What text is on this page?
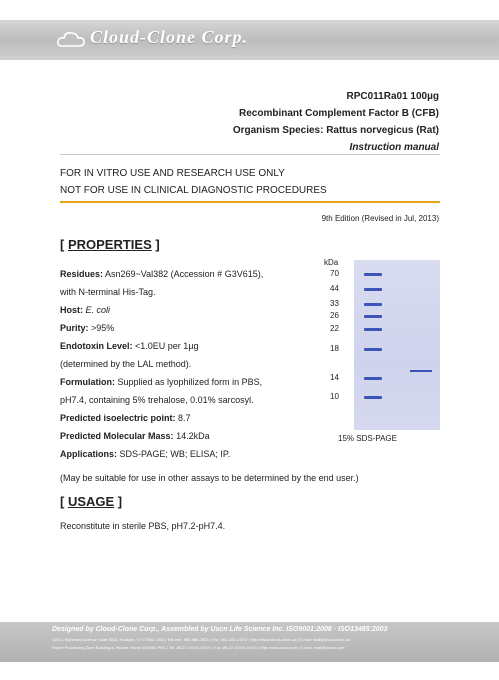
Cloud-Clone Corp.
RPC011Ra01 100µg
Recombinant Complement Factor B (CFB)
Organism Species: Rattus norvegicus (Rat)
Instruction manual
FOR IN VITRO USE AND RESEARCH USE ONLY
NOT FOR USE IN CLINICAL DIAGNOSTIC PROCEDURES
9th Edition (Revised in Jul, 2013)
[ PROPERTIES ]
Residues: Asn269~Val382 (Accession # G3V615),
with N-terminal His-Tag.
Host: E. coli
Purity: >95%
Endotoxin Level: <1.0EU per 1µg
(determined by the LAL method).
Formulation: Supplied as lyophilized form in PBS,
pH7.4, containing 5% trehalose, 0.01% sarcosyl.
Predicted isoelectric point: 8.7
Predicted Molecular Mass: 14.2kDa
Applications: SDS-PAGE; WB; ELISA; IP.
(May be suitable for use in other assays to be determined by the end user.)
kDa
70
44
33
26
22
18
14
10
15% SDS-PAGE
[ USAGE ]
Reconstitute in sterile PBS, pH7.2-pH7.4.
Designed by Cloud-Clone Corp., Assembled by Uscn Life Science Inc. ISO9001:2008 · ISO13485:2003
1107C Richmond Avenue Suite 3018, Houston, TX 77082, USA | Toll-free: 800-980-7625 | Fax: 301-333-XXXX | http://www.cloud-clone.us | E-mail: mail@cloud-clone.us
Export Processing Zone Building 8, Wuhan, Hubei 430056, PRC | Tel: 86-27-XXXX-XXXX | Fax: 86-27-XXXX-XXXX | http://www.uscn.com | E-mail: mail@uscnk.com
